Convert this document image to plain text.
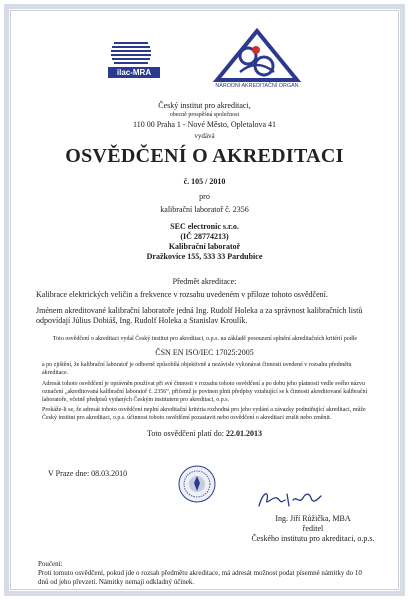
ilac-MRA
NÁRODNÍ AKREDITAČNÍ ORGÁN
Český institut pro akreditaci,
obecně prospěšná společnost
110 00 Praha 1 - Nové Město, Opletalova 41
vydává
OSVĚDČENÍ O AKREDITACI
č. 105 / 2010
pro
kalibrační laboratoř č. 2356
SEC electronic s.r.o.
(IČ 28774213)
Kalibrační laboratoř
Dražkovice 155, 533 33 Pardubice
Předmět akreditace:
Kalibrace elektrických veličin a frekvence v rozsahu uvedeném v příloze tohoto osvědčení.
Jménem akreditované kalibrační laboratoře jedná Ing. Rudolf Holeka a za správnost kalibračních listů odpovídají Július Dobiáš, Ing. Rudolf Holeka a Stanislav Kroulík.
Toto osvědčení o akreditaci vydal Český institut pro akreditaci, o.p.s. na základě posouzení splnění akreditačních kritérií podle
ČSN EN ISO/IEC 17025:2005
a po zjištění, že kalibrační laboratoř je odborně způsobilá objektivně a nezávisle vykonávat činnosti uvedené v rozsahu předmětu akreditace.
Adresát tohoto osvědčení je oprávněn používat při své činnosti v rozsahu tohoto osvědčení a po dobu jeho platnosti vedle svého názvu označení „akreditovaná kalibrační laboratoř č. 2356“, přičemž je povinen plnit předpisy vztahující se k činnosti akreditované kalibrační laboratoře, včetně předpisů vydaných Českým institutem pro akreditaci, o.p.s.
Prokáže-li se, že adresát tohoto osvědčení neplní akreditační kritéria rozhodná pro jeho vydání a závazky podmiňující akreditaci, může Český institut pro akreditaci, o.p.s. účinnost tohoto osvědčení pozastavit nebo osvědčení o akreditaci zrušit nebo změnit.
Toto osvědčení platí do: 22.01.2013
V Praze dne: 08.03.2010
Ing. Jiří Růžička, MBA
ředitel
Českého institutu pro akreditaci, o.p.s.
Poučení:
Proti tomuto osvědčení, pokud jde o rozsah předmětu akreditace, má adresát možnost podat písemné námitky do 10 dnů od jeho převzetí. Námitky nemají odkladný účinek.
